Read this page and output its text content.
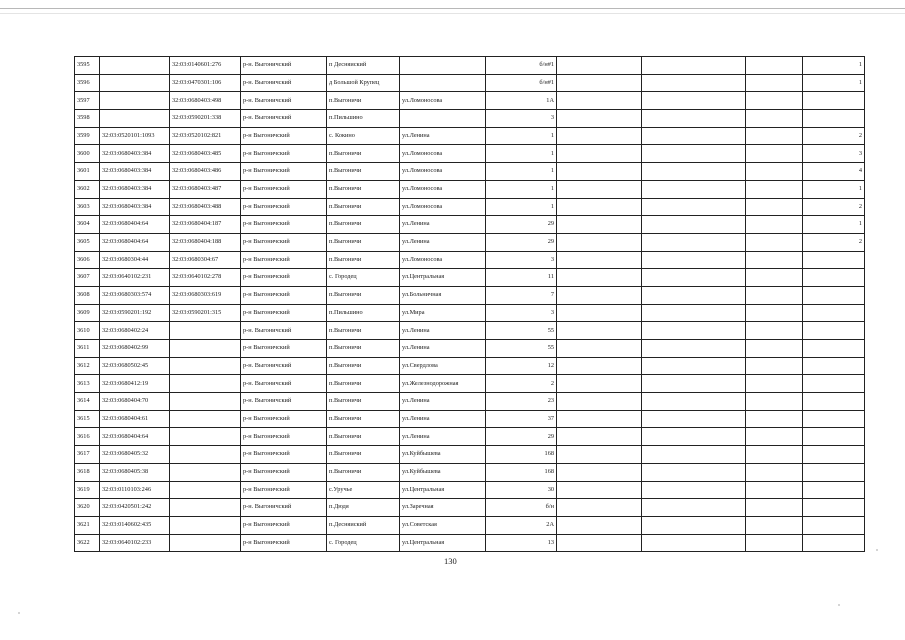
3595		32:03:0140601:276	р-н. Выгоничский	п Десняиский		б/н#1				1
3596		32:03:0470301:106	р-н. Выгоничский	д Большой Крупец		б/н#1				1
3597		32:03:0680403:498	р-н. Выгоничский	п.Выгоничи	ул.Ломоносова	1А				
3598		32:03:0590201:338	р-н. Выгоничский	п.Пильшино		3				
3599	32:03:0520101:1093	32:03:0520102:821	р-н Выгоничский	с. Кокино	ул.Ленина	1				2
3600	32:03:0680403:384	32:03:0680403:485	р-н Выгоничский	п.Выгоничи	ул.Ломоносова	1				3
3601	32:03:0680403:384	32:03:0680403:486	р-н Выгоничский	п.Выгоничи	ул.Ломоносова	1				4
3602	32:03:0680403:384	32:03:0680403:487	р-н Выгоничский	п.Выгоничи	ул.Ломоносова	1				1
3603	32:03:0680403:384	32:03:0680403:488	р-н Выгоничский	п.Выгоничи	ул.Ломоносова	1				2
3604	32:03:0680404:64	32:03:0680404:187	р-н Выгоничский	п.Выгоничи	ул.Ленина	29				1
3605	32:03:0680404:64	32:03:0680404:188	р-н Выгоничский	п.Выгоничи	ул.Ленина	29				2
3606	32:03:0680304:44	32:03:0680304:67	р-н Выгоничский	п.Выгоничи	ул.Ломоносова	3				
3607	32:03:0640102:231	32:03:0640102:278	р-н Выгоничский	с. Городец	ул.Центральная	11				
3608	32:03:0680303:574	32:03:0680303:619	р-н Выгоничский	п.Выгоничи	ул.Больничная	7				
3609	32:03:0590201:192	32:03:0590201:315	р-н Выгоничский	п.Пильшино	ул.Мира	3				
3610	32:03:0680402:24		р-н. Выгоничский	п.Выгоничи	ул.Ленина	55				
3611	32:03:0680402:99		р-н Выгоничский	п.Выгоничи	ул.Ленина	55				
3612	32:03:0680502:45		р-н. Выгоничский	п.Выгоничи	ул.Свердлова	12				
3613	32:03:0680412:19		р-н. Выгоничский	п.Выгоничи	ул.Железнодорожная	2				
3614	32:03:0680404:70		р-н. Выгоничский	п.Выгоничи	ул.Ленина	23				
3615	32:03:0680404:61		р-н Выгоничский	п.Выгоничи	ул.Ленина	37				
3616	32:03:0680404:64		р-н Выгоничский	п.Выгоничи	ул.Ленина	29				
3617	32:03:0680405:32		р-н Выгоничский	п.Выгоничи	ул.Куйбышева	168				
3618	32:03:0680405:38		р-н Выгоничский	п.Выгоничи	ул.Куйбышева	168				
3619	32:03:0110103:246		р-н Выгоничский	с.Уручье	ул.Центральная	30				
3620	32:03:0420501:242		р-н. Выгоничский	п.Дюдя	ул.Заречная	б/н				
3621	32:03:0140602:435		р-н Выгоничский	п.Десняиский	ул.Советская	2А				
3622	32:03:0640102:233		р-н Выгоничский	с. Городец	ул.Центральная	13				
130
